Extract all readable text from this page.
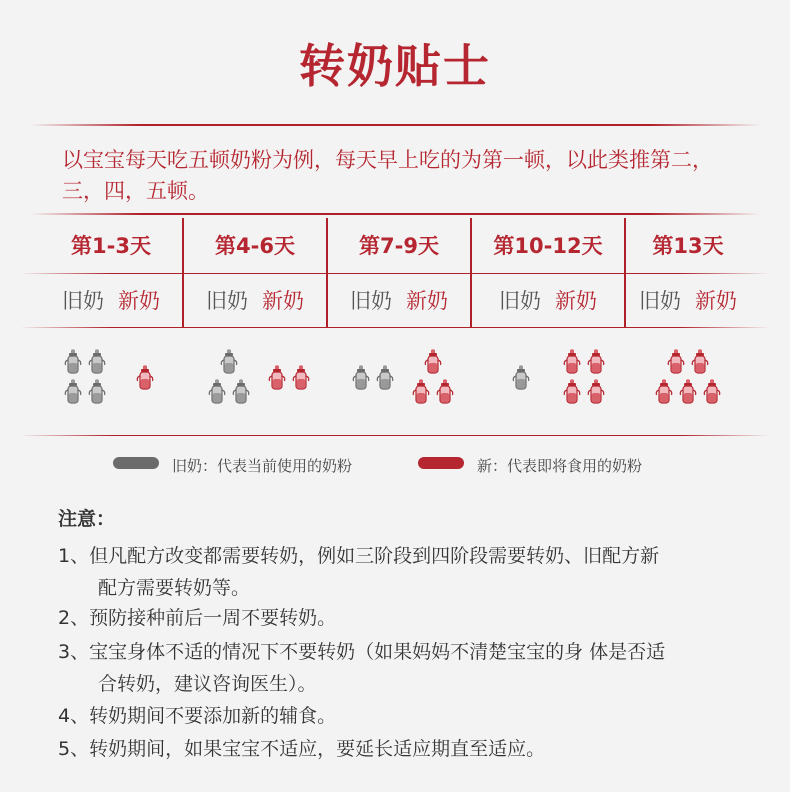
转奶贴士
以宝宝每天吃五顿奶粉为例，每天早上吃的为第一顿，以此类推第二，三，四，五顿。
第1-3天	第4-6天	第7-9天	第10-12天	第13天
旧奶 新奶	旧奶 新奶	旧奶 新奶	旧奶 新奶	旧奶 新奶
旧奶：代表当前使用的奶粉	新：代表即将食用的奶粉
注意：
1、但凡配方改变都需要转奶，例如三阶段到四阶段需要转奶、旧配方新
配方需要转奶等。
2、预防接种前后一周不要转奶。
3、宝宝身体不适的情况下不要转奶（如果妈妈不清楚宝宝的身 体是否适
合转奶，建议咨询医生）。
4、转奶期间不要添加新的辅食。
5、转奶期间，如果宝宝不适应，要延长适应期直至适应。
